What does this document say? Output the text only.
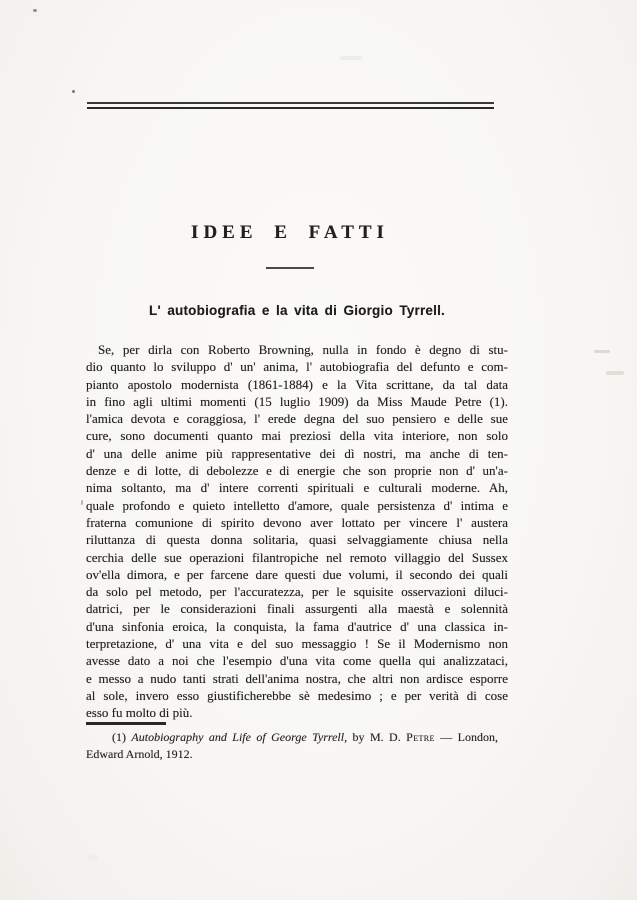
IDEE E FATTI
L' autobiografia e la vita di Giorgio Tyrrell.
Se, per dirla con Roberto Browning, nulla in fondo è degno di stu-
dio quanto lo sviluppo d' un' anima, l' autobiografia del defunto e com-
pianto apostolo modernista (1861-1884) e la Vita scrittane, da tal data
in fino agli ultimi momenti (15 luglio 1909) da Miss Maude Petre (1).
l'amica devota e coraggiosa, l' erede degna del suo pensiero e delle sue
cure, sono documenti quanto mai preziosi della vita interiore, non solo
d' una delle anime più rappresentative dei dì nostri, ma anche di ten-
denze e di lotte, di debolezze e di energie che son proprie non d' un'a-
nima soltanto, ma d' intere correnti spirituali e culturali moderne. Ah,
quale profondo e quieto intelletto d'amore, quale persistenza d' intima e
fraterna comunione di spirito devono aver lottato per vincere l' austera
riluttanza di questa donna solitaria, quasi selvaggiamente chiusa nella
cerchia delle sue operazioni filantropiche nel remoto villaggio del Sussex
ov'ella dimora, e per farcene dare questi due volumi, il secondo dei quali
da solo pel metodo, per l'accuratezza, per le squisite osservazioni diluci-
datrici, per le considerazioni finali assurgenti alla maestà e solennità
d'una sinfonia eroica, la conquista, la fama d'autrice d' una classica in-
terpretazione, d' una vita e del suo messaggio ! Se il Modernismo non
avesse dato a noi che l'esempio d'una vita come quella qui analizzataci,
e messo a nudo tanti strati dell'anima nostra, che altri non ardisce esporre
al sole, invero esso giustificherebbe sè medesimo ; e per verità di cose
esso fu molto di più.
(1) Autobiography and Life of George Tyrrell, by M. D. Petre — London,
Edward Arnold, 1912.
